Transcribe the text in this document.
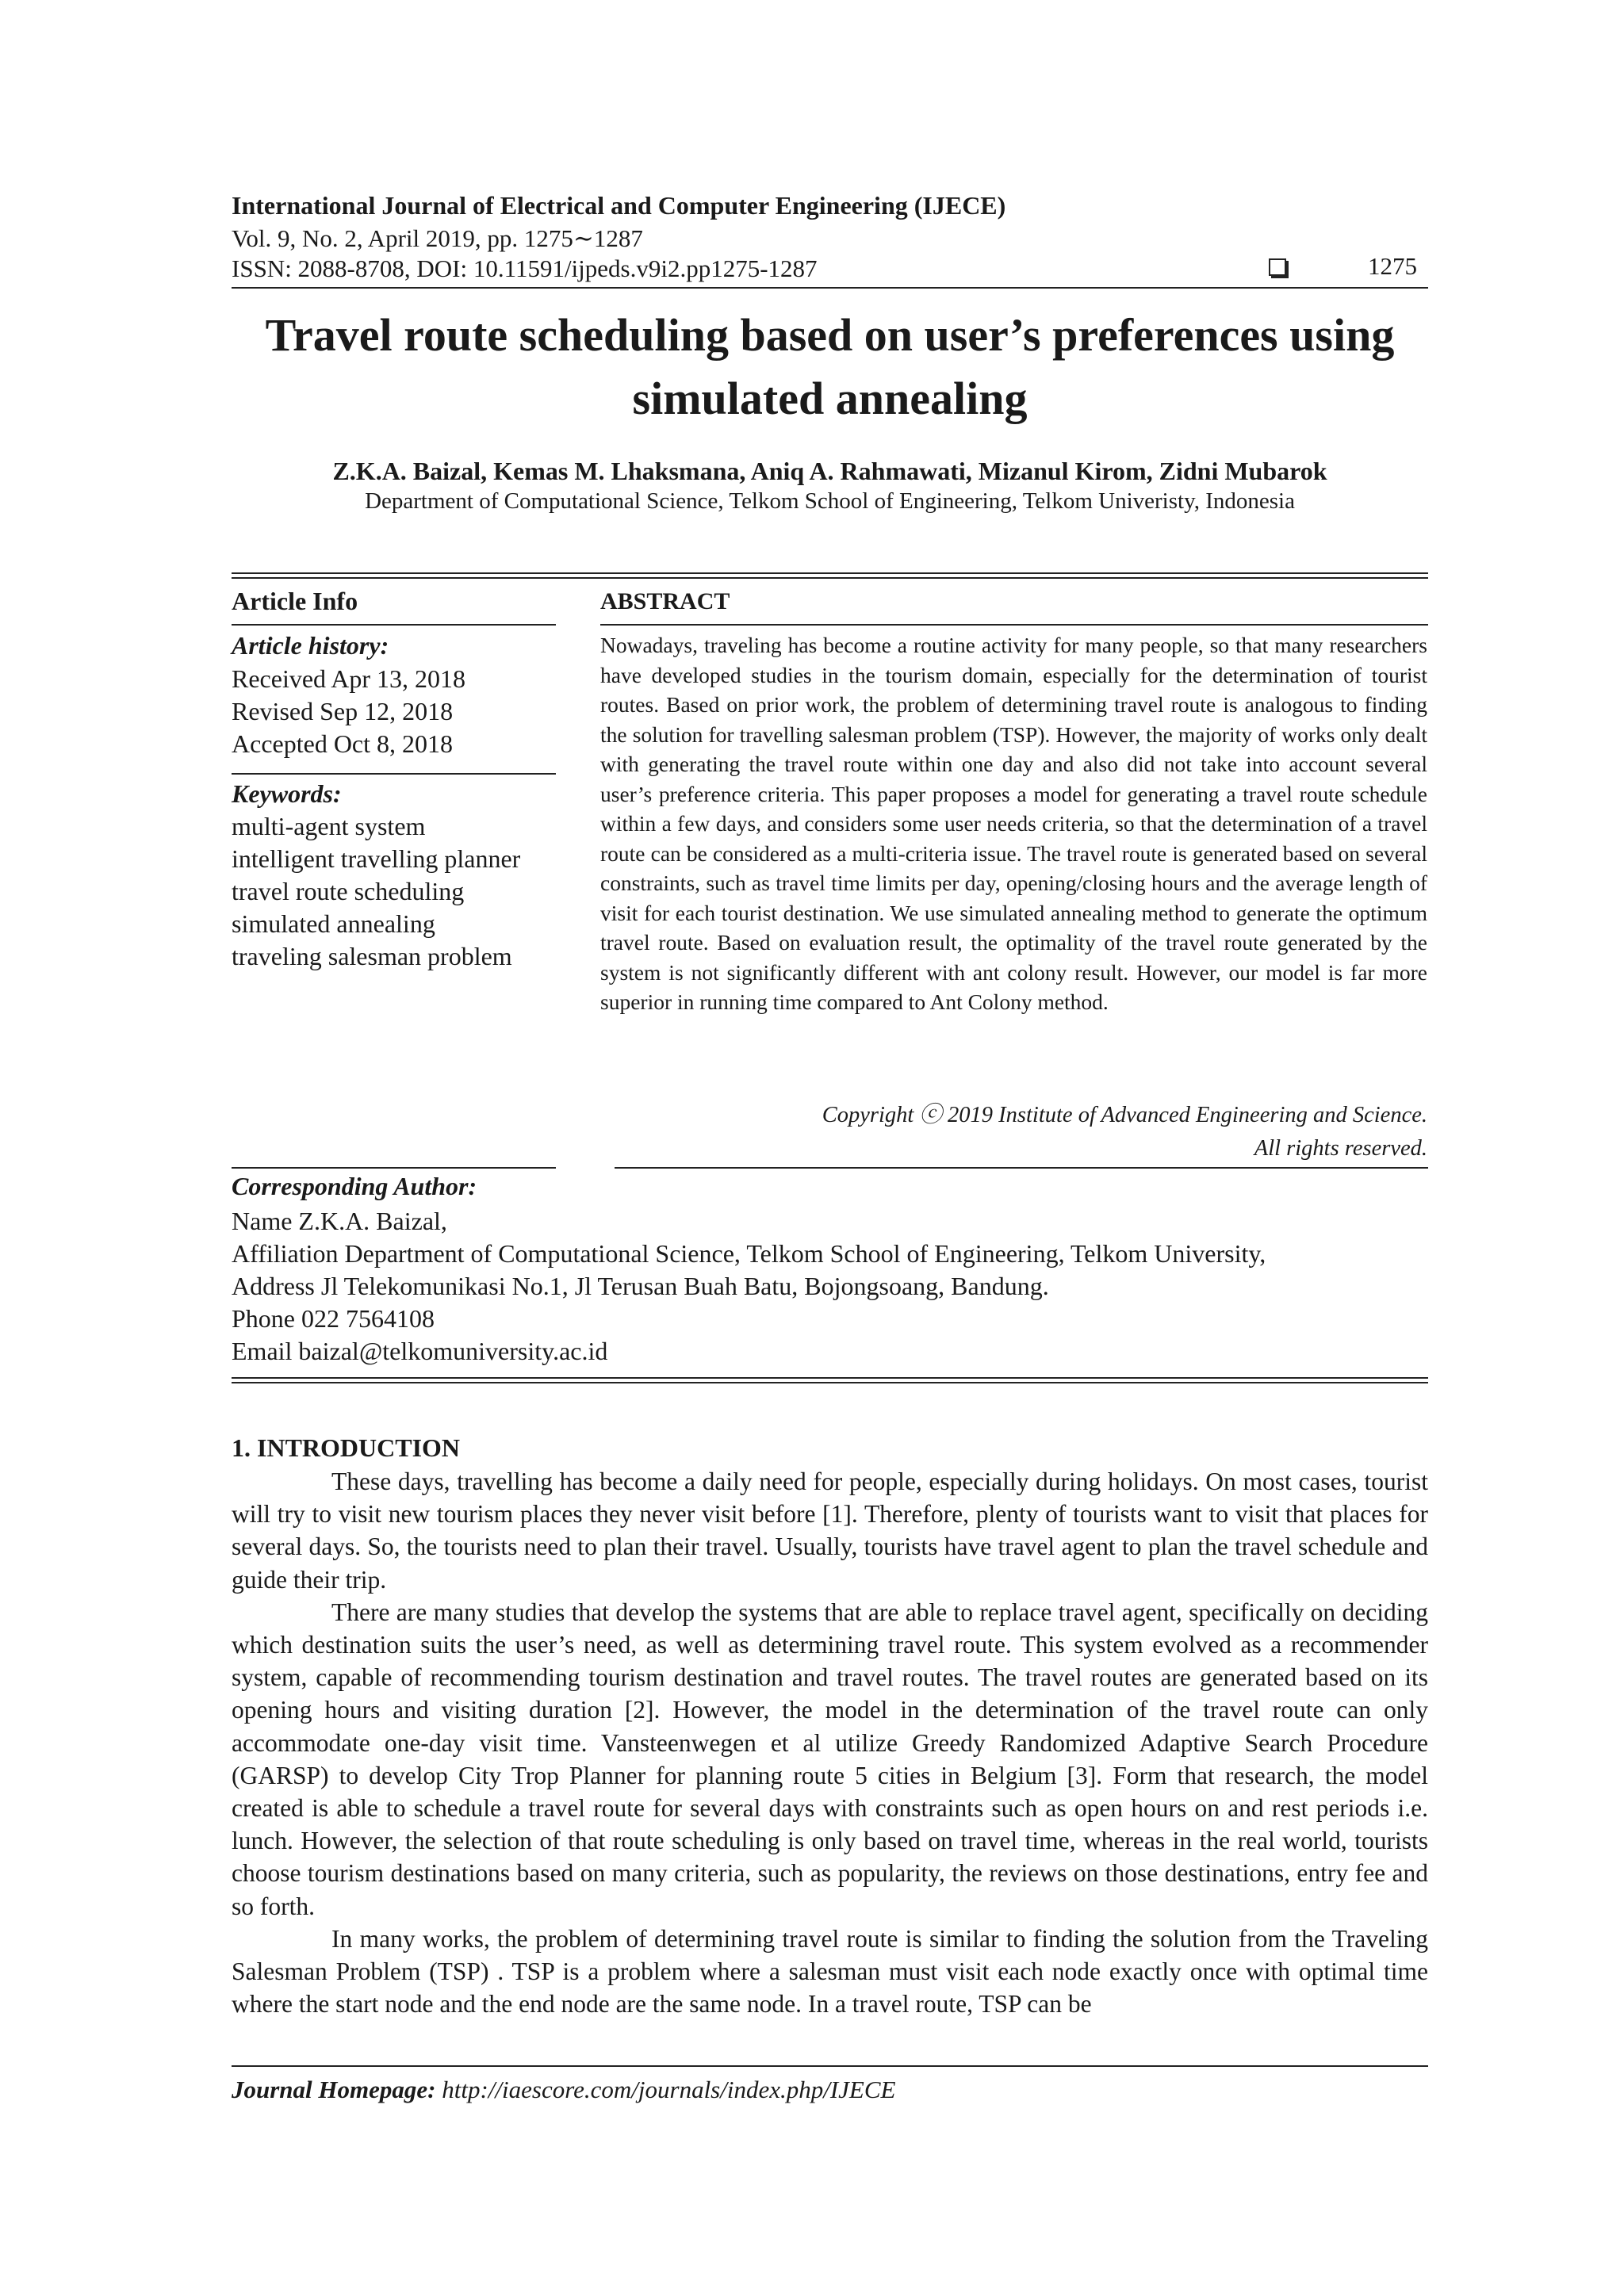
International Journal of Electrical and Computer Engineering (IJECE)
Vol. 9, No. 2, April 2019, pp. 1275∼1287
ISSN: 2088-8708, DOI: 10.11591/ijpeds.v9i2.pp1275-1287	1275
Travel route scheduling based on user’s preferences using
simulated annealing
Z.K.A. Baizal, Kemas M. Lhaksmana, Aniq A. Rahmawati, Mizanul Kirom, Zidni Mubarok
Department of Computational Science, Telkom School of Engineering, Telkom Univeristy, Indonesia
Article Info
Article history:
Received Apr 13, 2018
Revised Sep 12, 2018
Accepted Oct 8, 2018
Keywords:
multi-agent system
intelligent travelling planner
travel route scheduling
simulated annealing
traveling salesman problem
ABSTRACT

Nowadays, traveling has become a routine activity for many people, so that many researchers have developed studies in the tourism domain, especially for the determination of tourist routes. Based on prior work, the problem of determining travel route is analogous to finding the solution for travelling salesman problem (TSP). However, the majority of works only dealt with generating the travel route within one day and also did not take into account several user’s preference criteria. This paper proposes a model for generating a travel route schedule within a few days, and considers some user needs criteria, so that the determination of a travel route can be considered as a multi-criteria issue. The travel route is generated based on several constraints, such as travel time limits per day, opening/closing hours and the average length of visit for each tourist destination. We use simulated annealing method to generate the optimum travel route. Based on evaluation result, the optimality of the travel route generated by the system is not significantly different with ant colony result. However, our model is far more superior in running time compared to Ant Colony method.

Copyright ⓒ 2019 Institute of Advanced Engineering and Science.
All rights reserved.
Corresponding Author:
Name Z.K.A. Baizal,
Affiliation Department of Computational Science, Telkom School of Engineering, Telkom University,
Address Jl Telekomunikasi No.1, Jl Terusan Buah Batu, Bojongsoang, Bandung.
Phone 022 7564108
Email baizal@telkomuniversity.ac.id
1. INTRODUCTION

These days, travelling has become a daily need for people, especially during holidays. On most cases, tourist will try to visit new tourism places they never visit before [1]. Therefore, plenty of tourists want to visit that places for several days. So, the tourists need to plan their travel. Usually, tourists have travel agent to plan the travel schedule and guide their trip.

There are many studies that develop the systems that are able to replace travel agent, specifically on deciding which destination suits the user’s need, as well as determining travel route. This system evolved as a recommender system, capable of recommending tourism destination and travel routes. The travel routes are generated based on its opening hours and visiting duration [2]. However, the model in the determination of the travel route can only accommodate one-day visit time. Vansteenwegen et al utilize Greedy Randomized Adaptive Search Procedure (GARSP) to develop City Trop Planner for planning route 5 cities in Belgium [3]. Form that research, the model created is able to schedule a travel route for several days with constraints such as open hours on and rest periods i.e. lunch. However, the selection of that route scheduling is only based on travel time, whereas in the real world, tourists choose tourism destinations based on many criteria, such as popularity, the reviews on those destinations, entry fee and so forth.

In many works, the problem of determining travel route is similar to finding the solution from the Traveling Salesman Problem (TSP) . TSP is a problem where a salesman must visit each node exactly once with optimal time where the start node and the end node are the same node. In a travel route, TSP can be

Journal Homepage: http://iaescore.com/journals/index.php/IJECE
